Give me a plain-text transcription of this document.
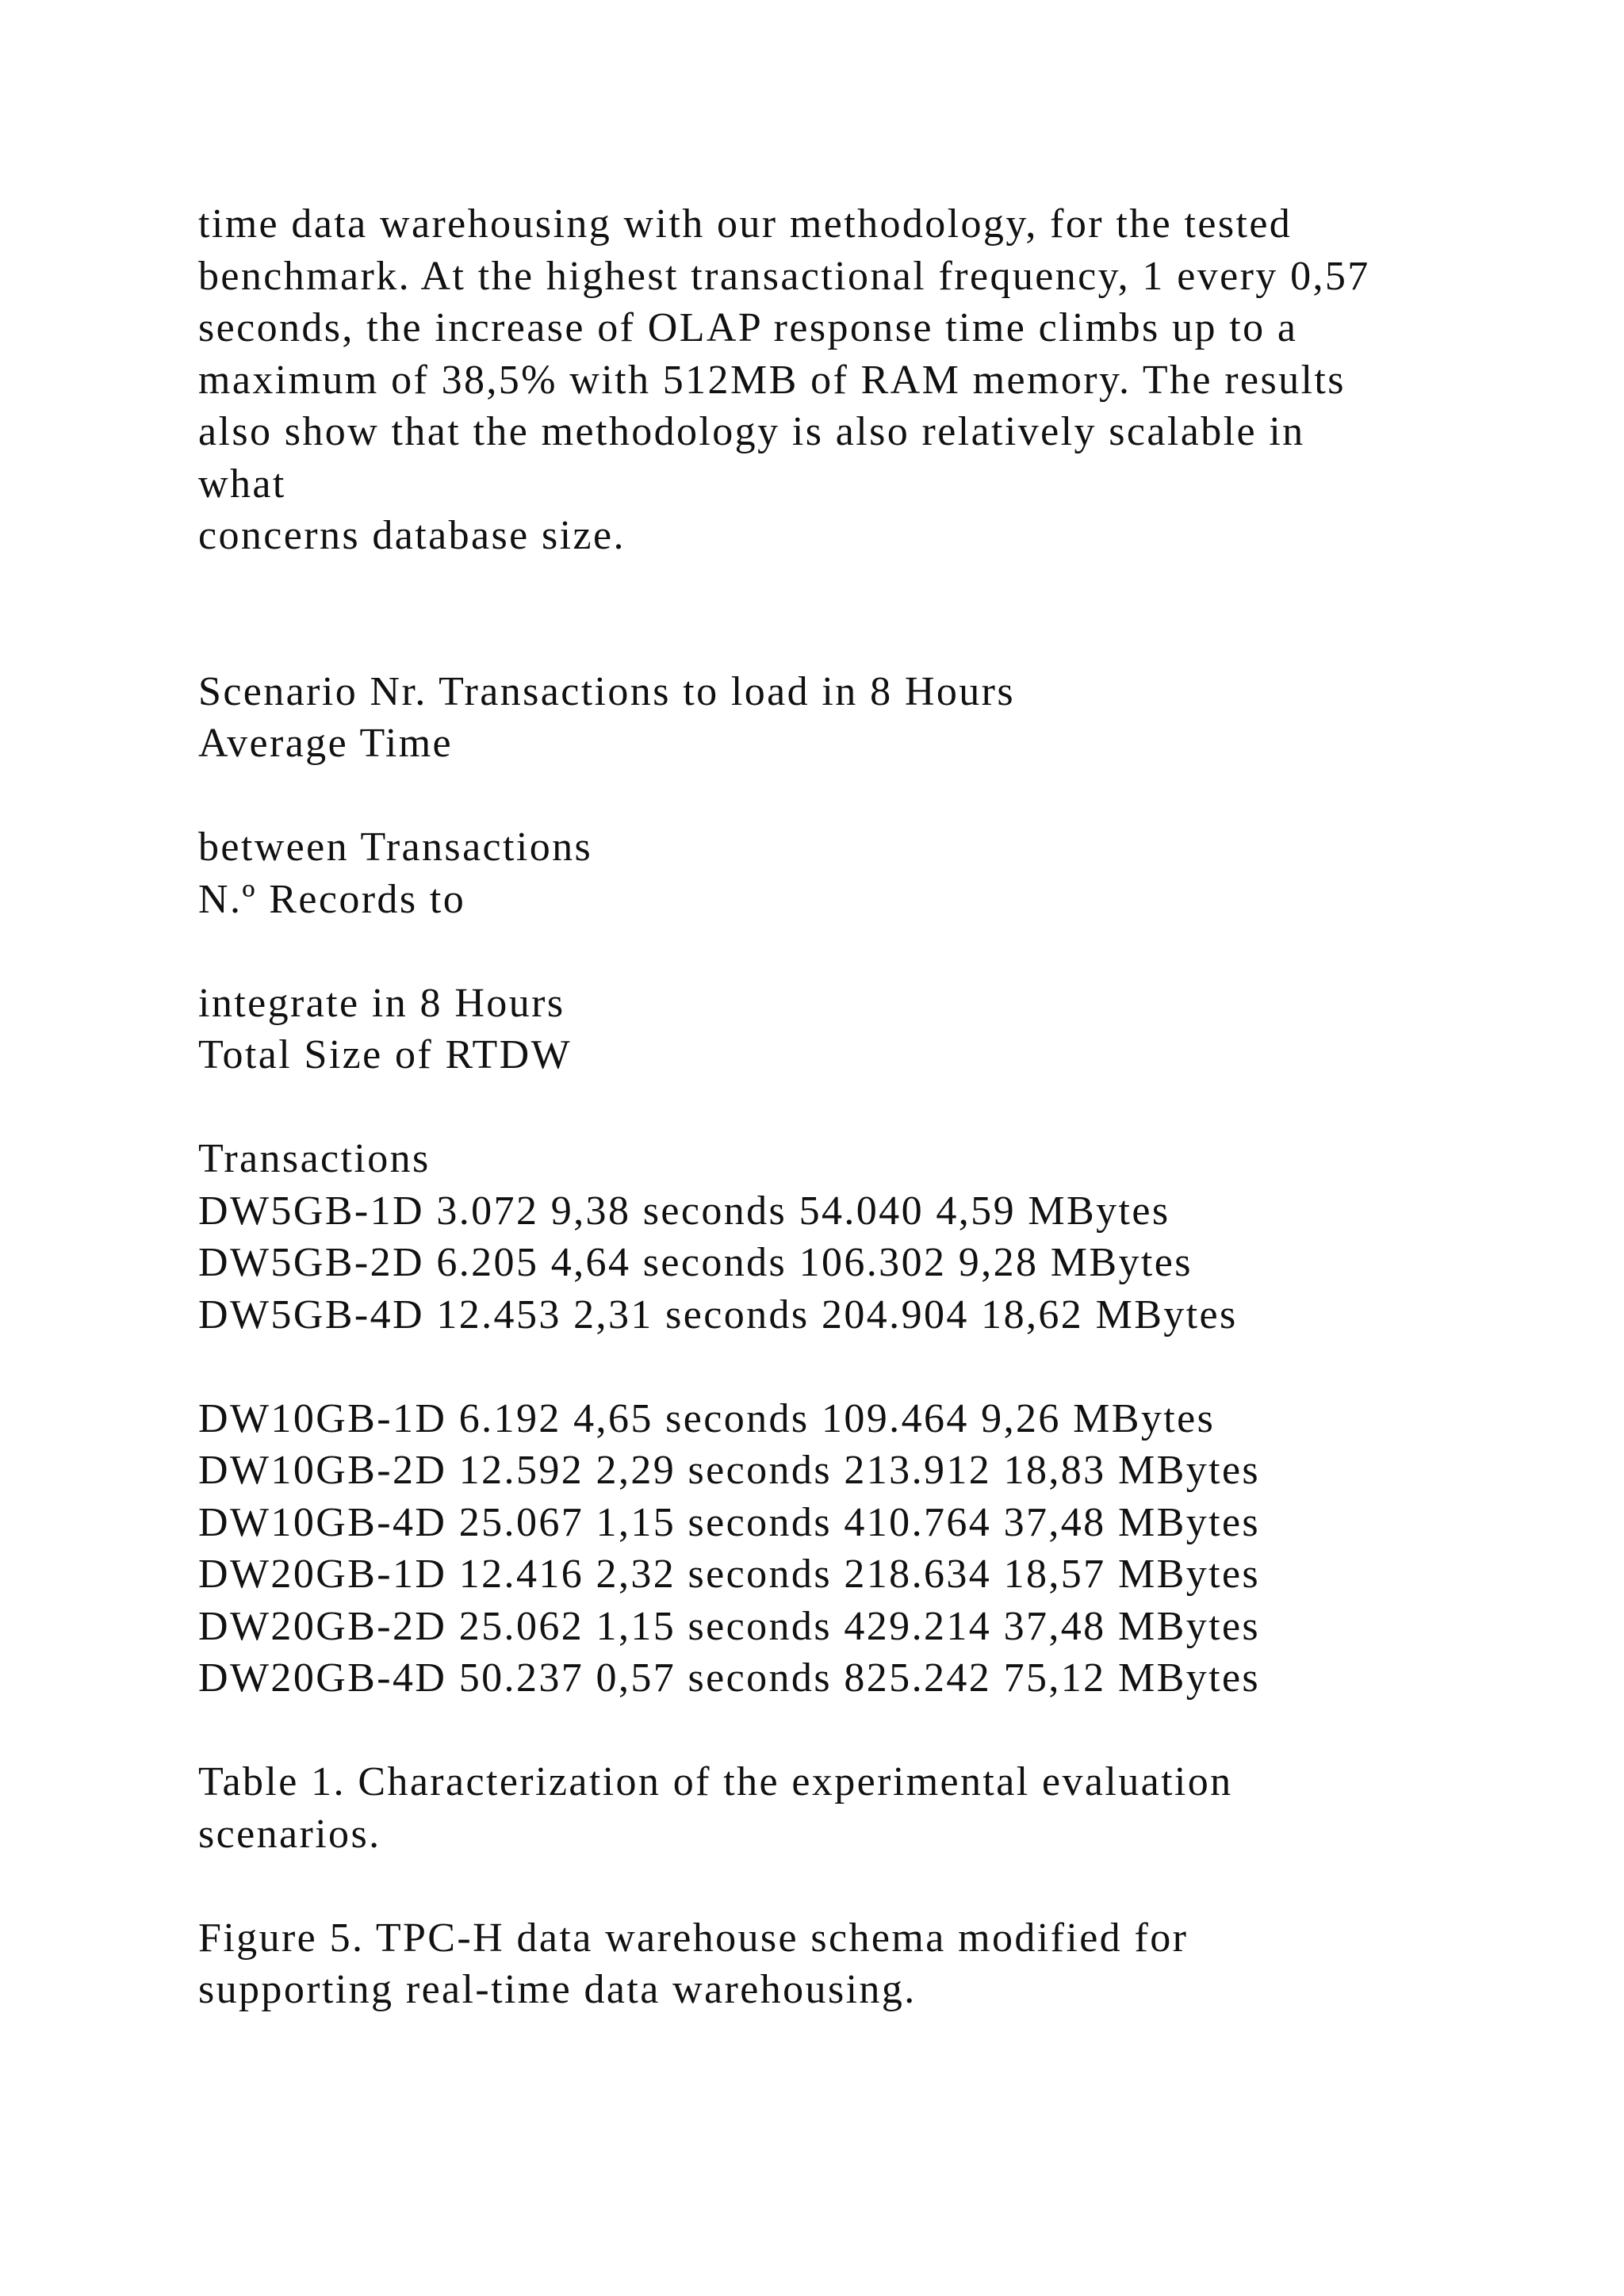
time data warehousing with our methodology, for the tested
benchmark. At the highest transactional frequency, 1 every 0,57
seconds, the increase of OLAP response time climbs up to a
maximum of 38,5% with 512MB of RAM memory. The results
also show that the methodology is also relatively scalable in
what
concerns database size.
Scenario Nr. Transactions to load in 8 Hours
Average Time
between Transactions
N.º Records to
integrate in 8 Hours
Total Size of RTDW
Transactions
DW5GB-1D 3.072 9,38 seconds 54.040 4,59 MBytes
DW5GB-2D 6.205 4,64 seconds 106.302 9,28 MBytes
DW5GB-4D 12.453 2,31 seconds 204.904 18,62 MBytes
DW10GB-1D 6.192 4,65 seconds 109.464 9,26 MBytes
DW10GB-2D 12.592 2,29 seconds 213.912 18,83 MBytes
DW10GB-4D 25.067 1,15 seconds 410.764 37,48 MBytes
DW20GB-1D 12.416 2,32 seconds 218.634 18,57 MBytes
DW20GB-2D 25.062 1,15 seconds 429.214 37,48 MBytes
DW20GB-4D 50.237 0,57 seconds 825.242 75,12 MBytes
Table 1. Characterization of the experimental evaluation
scenarios.
Figure 5. TPC-H data warehouse schema modified for
supporting real-time data warehousing.
